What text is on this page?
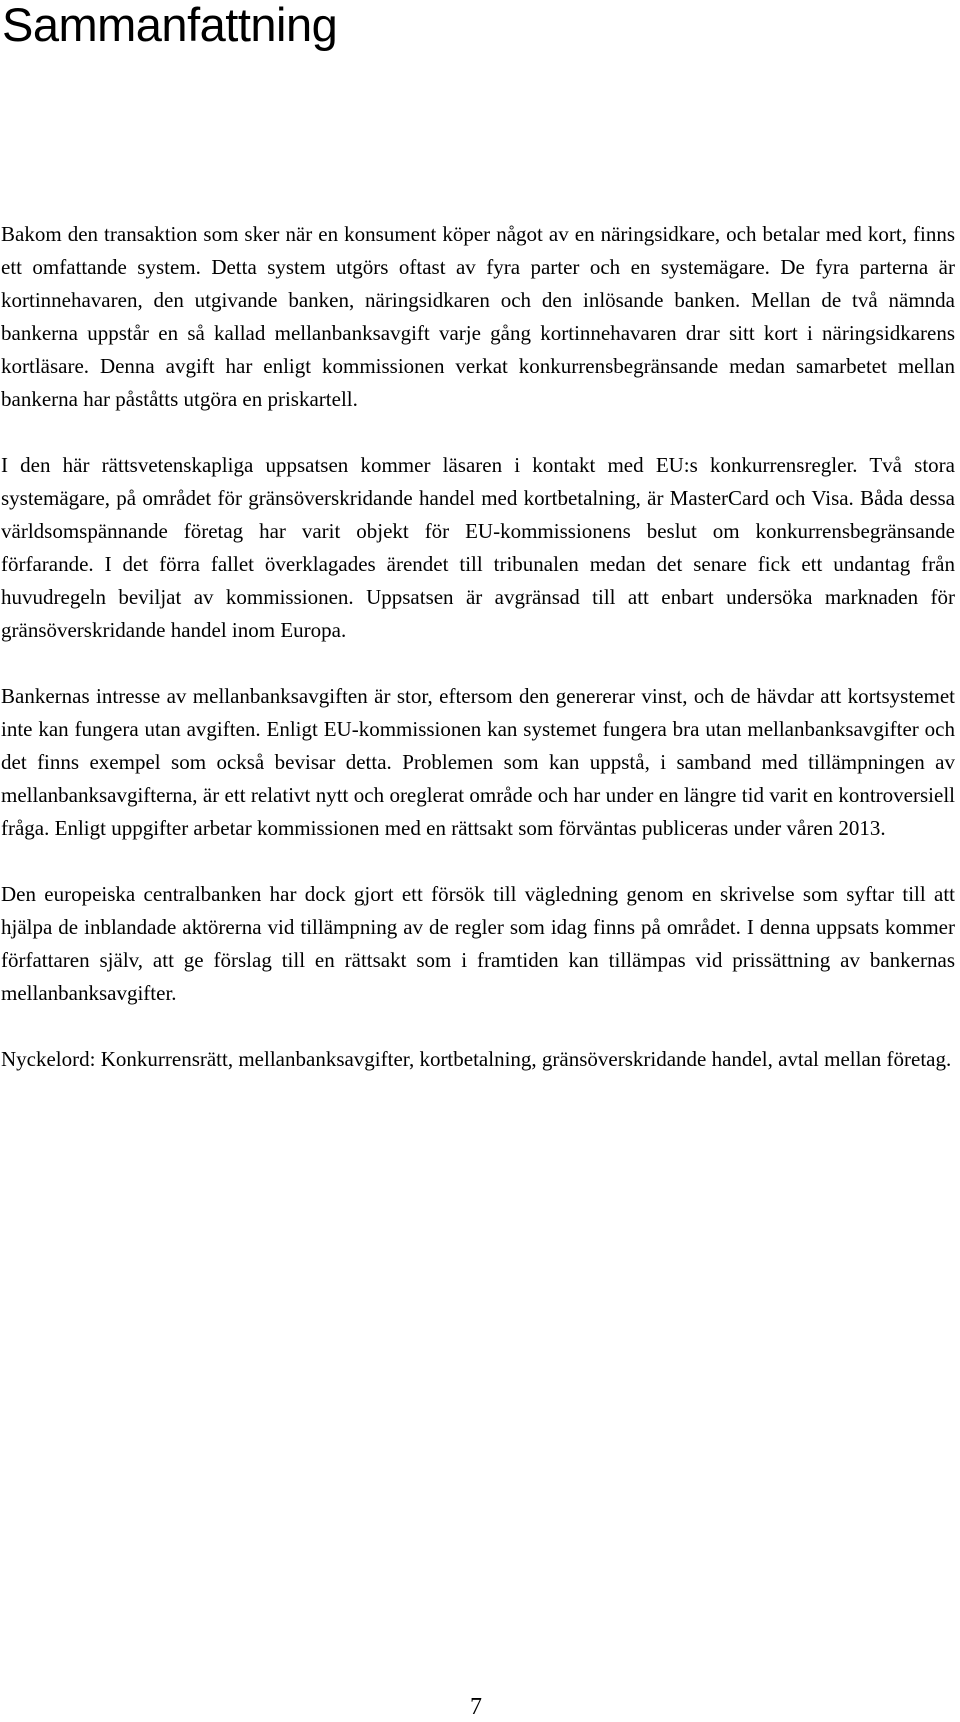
Sammanfattning

Bakom den transaktion som sker när en konsument köper något av en näringsidkare, och betalar med kort, finns ett omfattande system. Detta system utgörs oftast av fyra parter och en systemägare. De fyra parterna är kortinnehavaren, den utgivande banken, näringsidkaren och den inlösande banken. Mellan de två nämnda bankerna uppstår en så kallad mellanbanksavgift varje gång kortinnehavaren drar sitt kort i näringsidkarens kortläsare. Denna avgift har enligt kommissionen verkat konkurrensbegränsande medan samarbetet mellan bankerna har påståtts utgöra en priskartell.

I den här rättsvetenskapliga uppsatsen kommer läsaren i kontakt med EU:s konkurrensregler. Två stora systemägare, på området för gränsöverskridande handel med kortbetalning, är MasterCard och Visa. Båda dessa världsomspännande företag har varit objekt för EU-kommissionens beslut om konkurrensbegränsande förfarande. I det förra fallet överklagades ärendet till tribunalen medan det senare fick ett undantag från huvudregeln beviljat av kommissionen. Uppsatsen är avgränsad till att enbart undersöka marknaden för gränsöverskridande handel inom Europa.

Bankernas intresse av mellanbanksavgiften är stor, eftersom den genererar vinst, och de hävdar att kortsystemet inte kan fungera utan avgiften. Enligt EU-kommissionen kan systemet fungera bra utan mellanbanksavgifter och det finns exempel som också bevisar detta. Problemen som kan uppstå, i samband med tillämpningen av mellanbanksavgifterna, är ett relativt nytt och oreglerat område och har under en längre tid varit en kontroversiell fråga. Enligt uppgifter arbetar kommissionen med en rättsakt som förväntas publiceras under våren 2013.

Den europeiska centralbanken har dock gjort ett försök till vägledning genom en skrivelse som syftar till att hjälpa de inblandade aktörerna vid tillämpning av de regler som idag finns på området. I denna uppsats kommer författaren själv, att ge förslag till en rättsakt som i framtiden kan tillämpas vid prissättning av bankernas mellanbanksavgifter.

Nyckelord: Konkurrensrätt, mellanbanksavgifter, kortbetalning, gränsöverskridande handel, avtal mellan företag.

7
